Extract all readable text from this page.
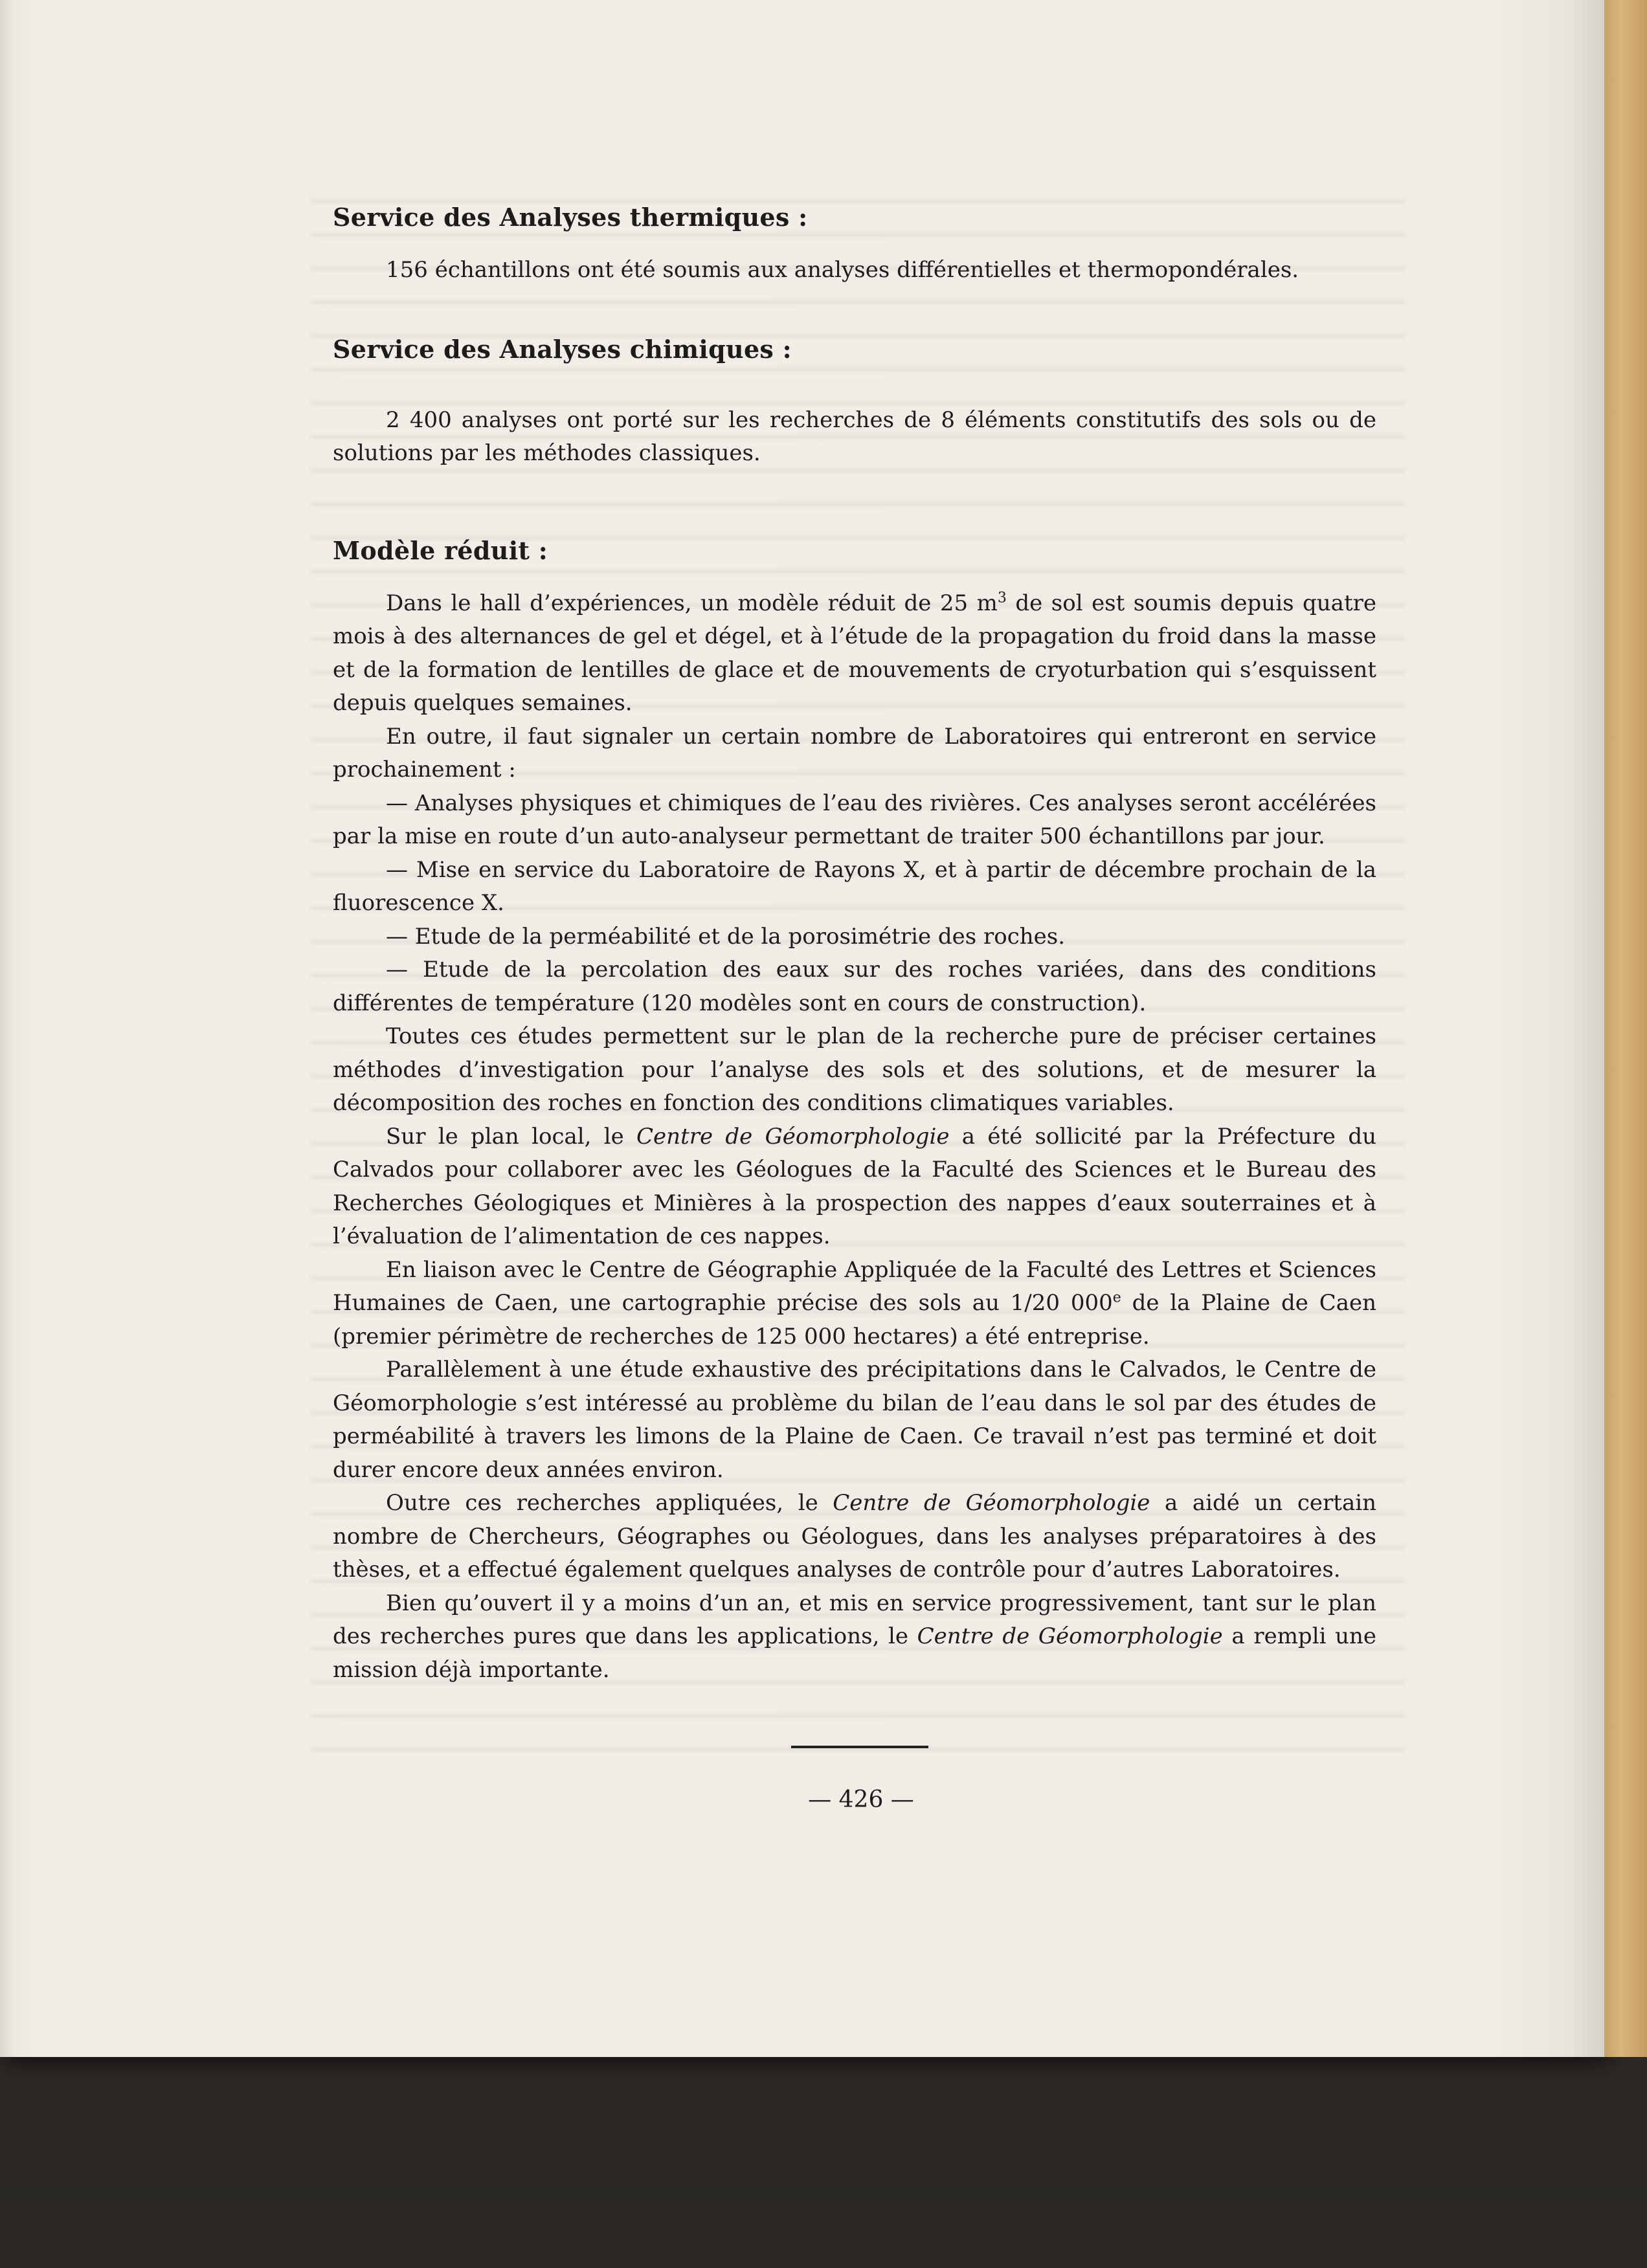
Service des Analyses thermiques :

156 échantillons ont été soumis aux analyses différentielles et thermopondérales.

Service des Analyses chimiques :

2 400 analyses ont porté sur les recherches de 8 éléments constitutifs des sols ou de solutions par les méthodes classiques.

Modèle réduit :

Dans le hall d’expériences, un modèle réduit de 25 $m^3$ de sol est soumis depuis quatre mois à des alternances de gel et dégel, et à l’étude de la propagation du froid dans la masse et de la formation de lentilles de glace et de mouvements de cryoturbation qui s’esquissent depuis quelques semaines.

En outre, il faut signaler un certain nombre de Laboratoires qui entreront en service prochainement :

— Analyses physiques et chimiques de l’eau des rivières. Ces analyses seront accélérées par la mise en route d’un auto-analyseur permettant de traiter 500 échantillons par jour.

— Mise en service du Laboratoire de Rayons X, et à partir de décembre prochain de la fluorescence X.

— Etude de la perméabilité et de la porosimétrie des roches.

— Etude de la percolation des eaux sur des roches variées, dans des conditions différentes de température (120 modèles sont en cours de construction).

Toutes ces études permettent sur le plan de la recherche pure de préciser certaines méthodes d’investigation pour l’analyse des sols et des solutions, et de mesurer la décomposition des roches en fonction des conditions climatiques variables.

Sur le plan local, le Centre de Géomorphologie a été sollicité par la Préfecture du Calvados pour collaborer avec les Géologues de la Faculté des Sciences et le Bureau des Recherches Géologiques et Minières à la prospection des nappes d’eaux souterraines et à l’évaluation de l’alimentation de ces nappes.

En liaison avec le Centre de Géographie Appliquée de la Faculté des Lettres et Sciences Humaines de Caen, une cartographie précise des sols au 1/20 000e de la Plaine de Caen (premier périmètre de recherches de 125 000 hectares) a été entreprise.

Parallèlement à une étude exhaustive des précipitations dans le Calvados, le Centre de Géomorphologie s’est intéressé au problème du bilan de l’eau dans le sol par des études de perméabilité à travers les limons de la Plaine de Caen. Ce travail n’est pas terminé et doit durer encore deux années environ.

Outre ces recherches appliquées, le Centre de Géomorphologie a aidé un certain nombre de Chercheurs, Géographes ou Géologues, dans les analyses préparatoires à des thèses, et a effectué également quelques analyses de contrôle pour d’autres Laboratoires.

Bien qu’ouvert il y a moins d’un an, et mis en service progressivement, tant sur le plan des recherches pures que dans les applications, le Centre de Géomorphologie a rempli une mission déjà importante.

— 426 —
